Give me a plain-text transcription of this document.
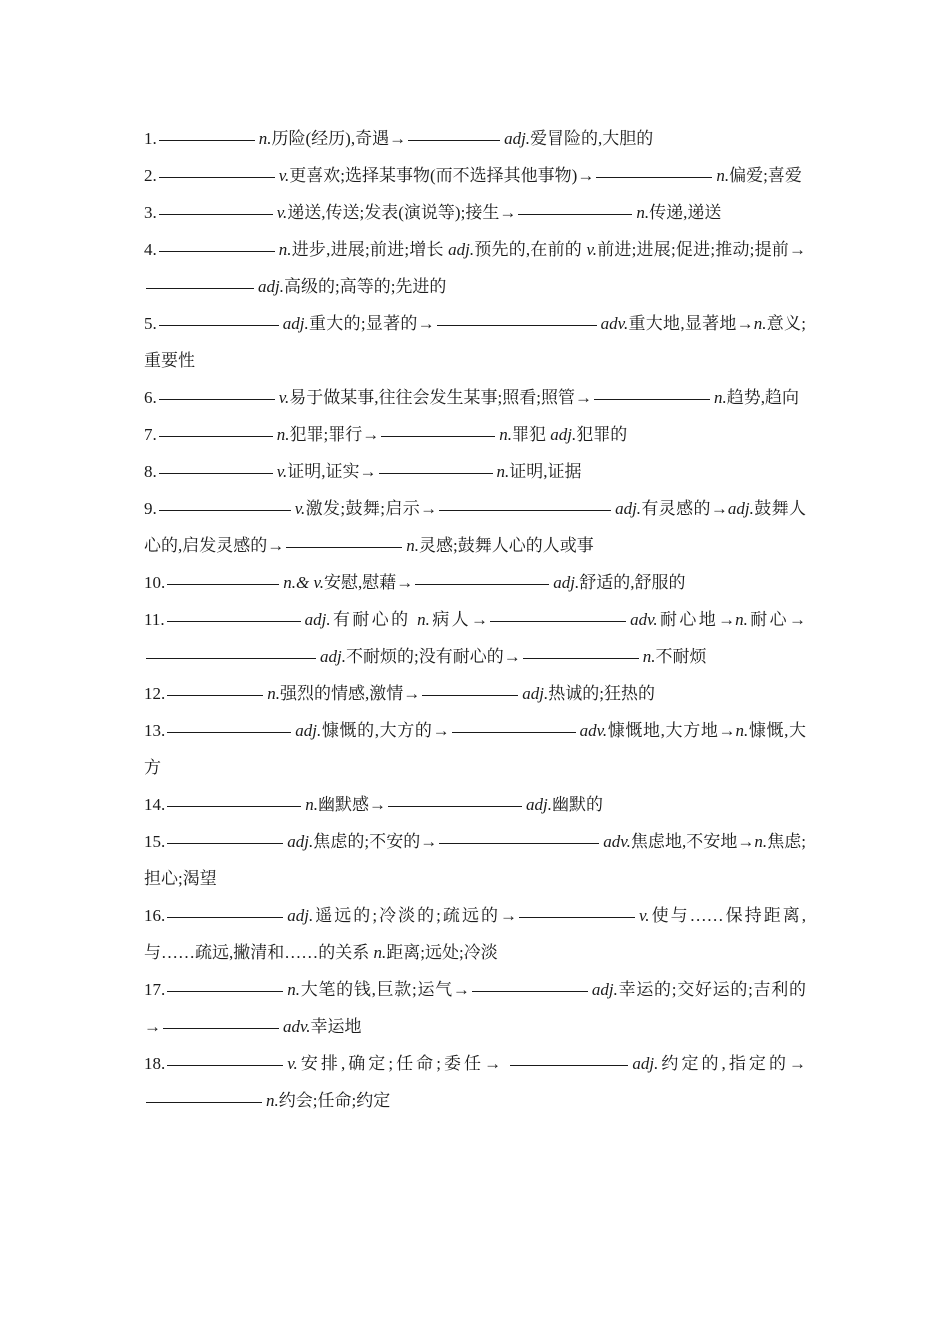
1.	n.历险(经历),奇遇→	adj.爱冒险的,大胆的

2.	v.更喜欢;选择某事物(而不选择其他事物)→	n.偏爱;喜爱

3.	v.递送,传送;发表(演说等);接生→	n.传递,递送

4.	n.进步,进展;前进;增长 adj.预先的,在前的 v.前进;进展;促进;推动;提前→adj.高级的;高等的;先进的

5.	adj.重大的;显著的→	adv.重大地,显著地→n.意义;重要性

6.	v.易于做某事,往往会发生某事;照看;照管→	n.趋势,趋向

7.	n.犯罪;罪行→	n.罪犯 adj.犯罪的

8.	v.证明,证实→	n.证明,证据

9.	v.激发;鼓舞;启示→	adj.有灵感的→adj.鼓舞人心的,启发灵感的→	n.灵感;鼓舞人心的人或事

10.	n.& v.安慰,慰藉→	adj.舒适的,舒服的

11.	adj.有耐心的 n.病人→	adv.耐心地→n.耐心→adj.不耐烦的;没有耐心的→	n.不耐烦

12.	n.强烈的情感,激情→	adj.热诚的;狂热的

13.	adj.慷慨的,大方的→	adv.慷慨地,大方地→n.慷慨,大方

14.	n.幽默感→	adj.幽默的

15.	adj.焦虑的;不安的→	adv.焦虑地,不安地→n.焦虑;担心;渴望

16.	adj.遥远的;冷淡的;疏远的→	v.使与……保持距离,与……疏远,撇清和……的关系 n.距离;远处;冷淡

17.	n.大笔的钱,巨款;运气→	adj.幸运的;交好运的;吉利的→	adv.幸运地

18.	v.安排,确定;任命;委任→	adj.约定的,指定的→ n.约会;任命;约定
